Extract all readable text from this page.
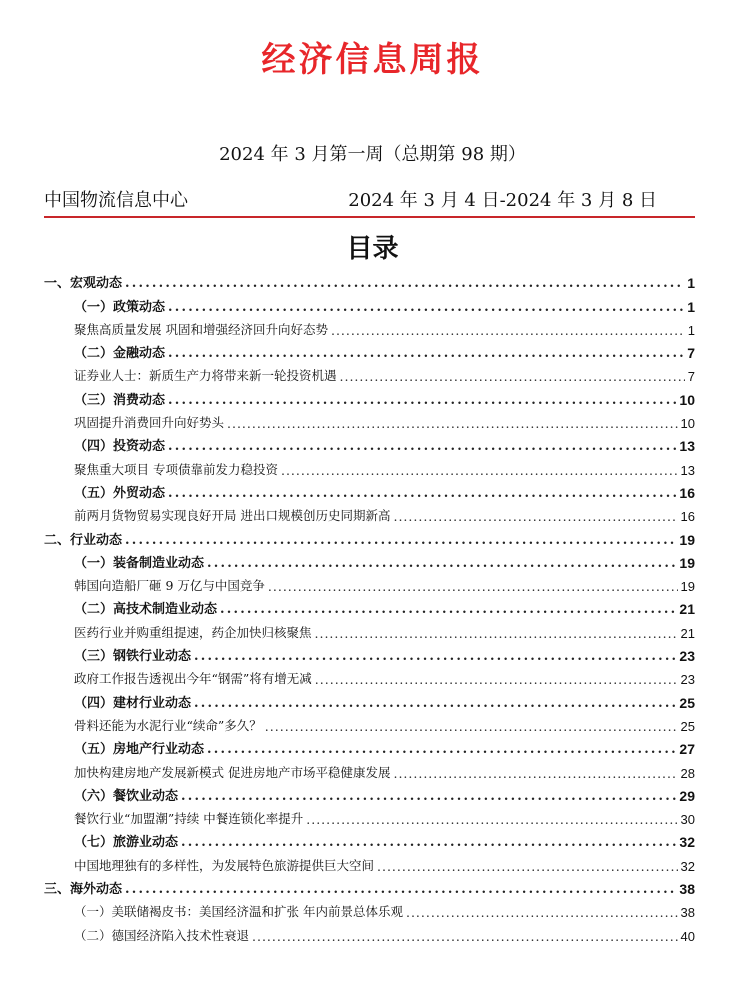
经济信息周报
2024 年 3 月第一周（总期第 98 期）
中国物流信息中心	2024 年 3 月 4 日-2024 年 3 月 8 日
目录
一、宏观动态 .....	1
（一）政策动态 .....	1
聚焦高质量发展 巩固和增强经济回升向好态势 .....	1
（二）金融动态 .....	7
证券业人士：新质生产力将带来新一轮投资机遇 .....	7
（三）消费动态 .....	10
巩固提升消费回升向好势头 .....	10
（四）投资动态 .....	13
聚焦重大项目 专项债靠前发力稳投资 .....	13
（五）外贸动态 .....	16
前两月货物贸易实现良好开局 进出口规模创历史同期新高 .....	16
二、行业动态 .....	19
（一）装备制造业动态 .....	19
韩国向造船厂砸 9 万亿与中国竞争 .....	19
（二）高技术制造业动态 .....	21
医药行业并购重组提速，药企加快归核聚焦 .....	21
（三）钢铁行业动态 .....	23
政府工作报告透视出今年“钢需”将有增无减 .....	23
（四）建材行业动态 .....	25
骨料还能为水泥行业“续命”多久？ .....	25
（五）房地产行业动态 .....	27
加快构建房地产发展新模式 促进房地产市场平稳健康发展 .....	28
（六）餐饮业动态 .....	29
餐饮行业“加盟潮”持续 中餐连锁化率提升 .....	30
（七）旅游业动态 .....	32
中国地理独有的多样性，为发展特色旅游提供巨大空间 .....	32
三、海外动态 .....	38
（一）美联储褐皮书：美国经济温和扩张 年内前景总体乐观 .....	38
（二）德国经济陷入技术性衰退 .....	40
